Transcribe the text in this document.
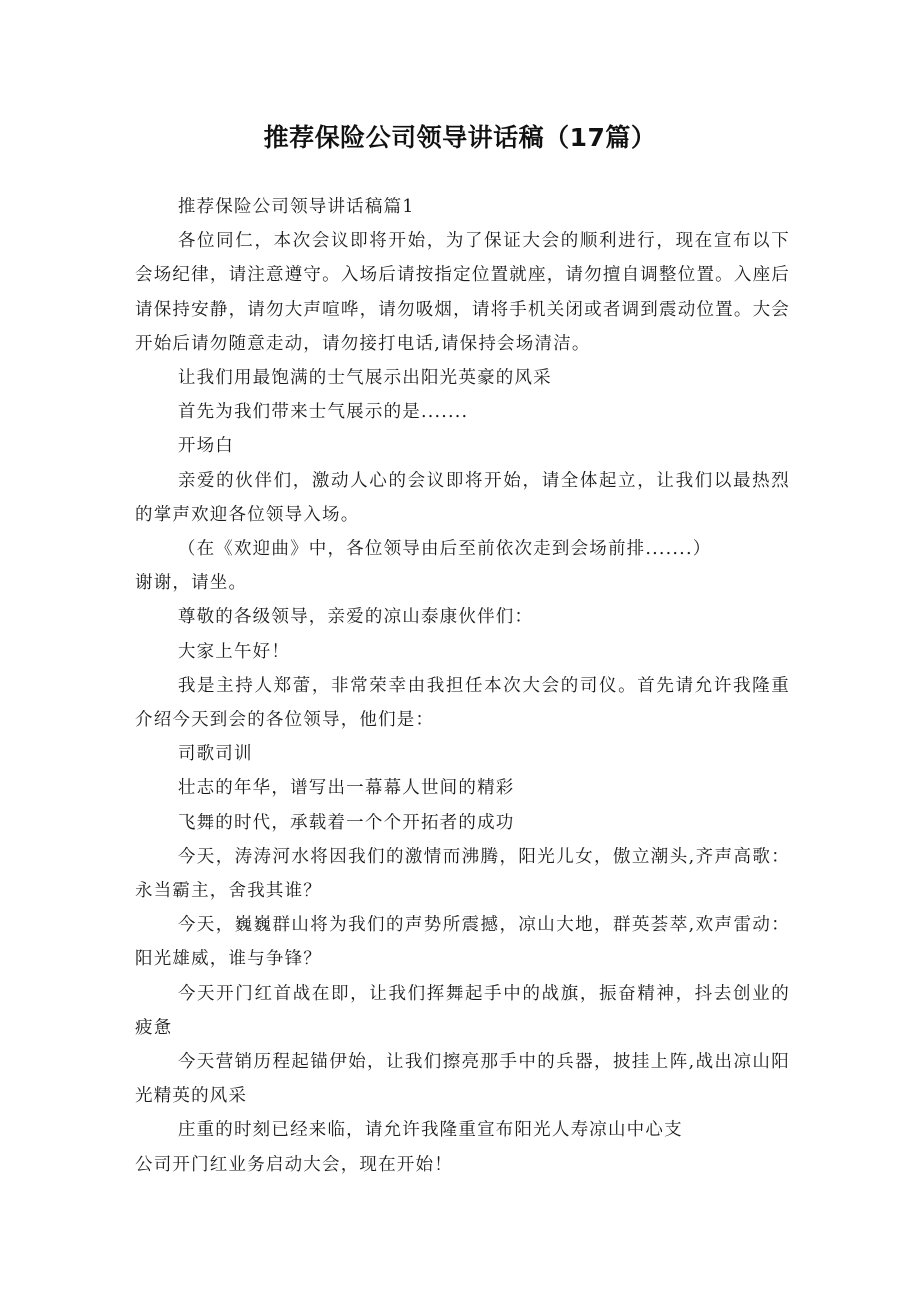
推荐保险公司领导讲话稿（17篇）

推荐保险公司领导讲话稿篇1

各位同仁，本次会议即将开始，为了保证大会的顺利进行，现在宣布以下会场纪律，请注意遵守。入场后请按指定位置就座，请勿擅自调整位置。入座后请保持安静，请勿大声喧哗，请勿吸烟，请将手机关闭或者调到震动位置。大会开始后请勿随意走动，请勿接打电话,请保持会场清洁。

让我们用最饱满的士气展示出阳光英豪的风采

首先为我们带来士气展示的是.......

开场白

亲爱的伙伴们，激动人心的会议即将开始，请全体起立，让我们以最热烈的掌声欢迎各位领导入场。

（在《欢迎曲》中，各位领导由后至前依次走到会场前排.......）

谢谢，请坐。

尊敬的各级领导，亲爱的凉山泰康伙伴们：

大家上午好！

我是主持人郑蕾，非常荣幸由我担任本次大会的司仪。首先请允许我隆重介绍今天到会的各位领导，他们是：

司歌司训

壮志的年华，谱写出一幕幕人世间的精彩

飞舞的时代，承载着一个个开拓者的成功

今天，涛涛河水将因我们的激情而沸腾，阳光儿女，傲立潮头,齐声高歌：永当霸主，舍我其谁？

今天，巍巍群山将为我们的声势所震撼，凉山大地，群英荟萃,欢声雷动：阳光雄威，谁与争锋？

今天开门红首战在即，让我们挥舞起手中的战旗，振奋精神，抖去创业的疲惫

今天营销历程起锚伊始，让我们擦亮那手中的兵器，披挂上阵,战出凉山阳光精英的风采

庄重的时刻已经来临，请允许我隆重宣布阳光人寿凉山中心支

公司开门红业务启动大会，现在开始！
